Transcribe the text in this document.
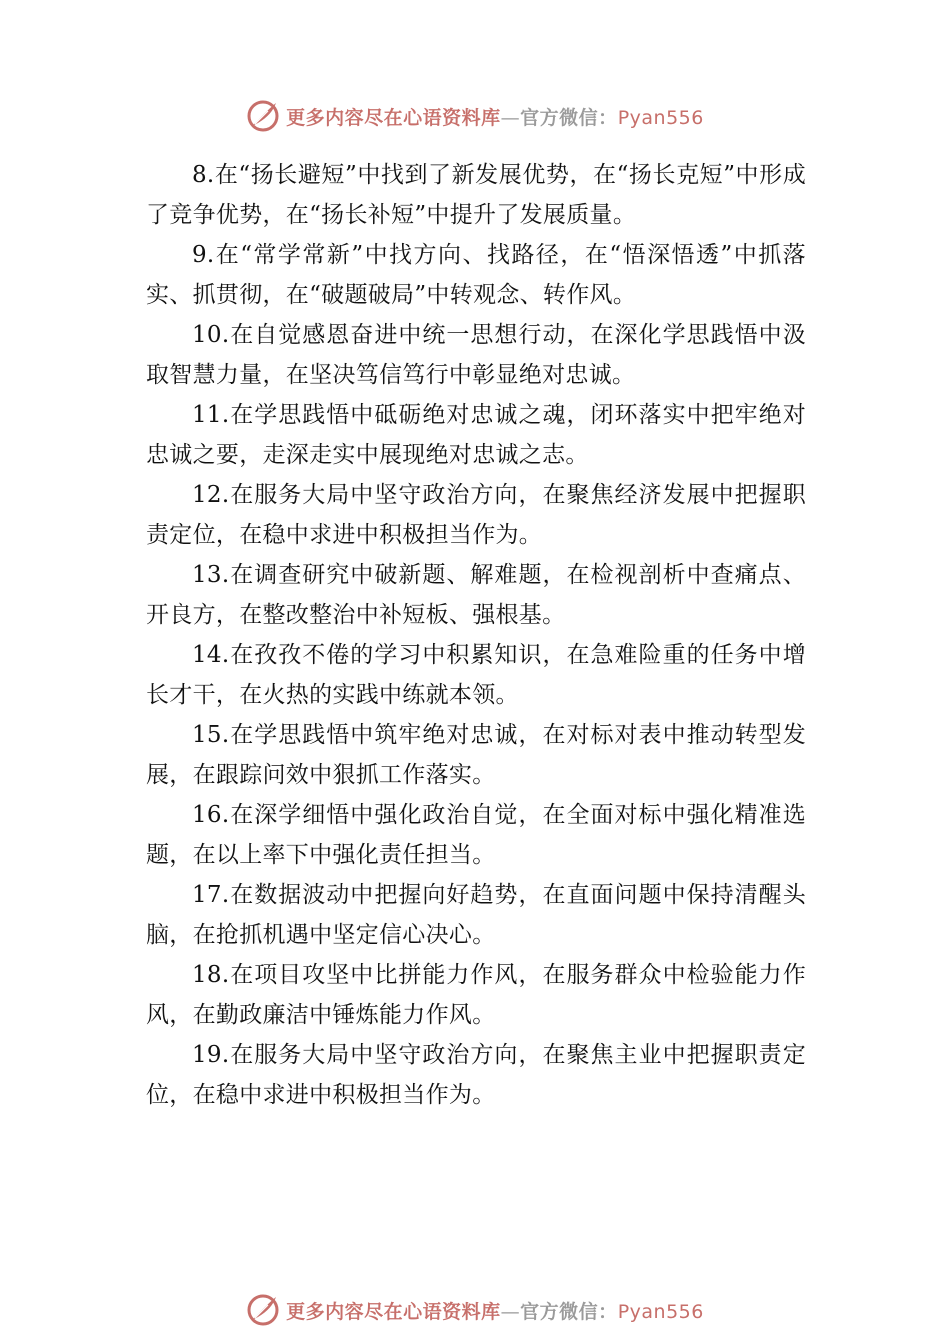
更多内容尽在心语资料库—官方微信：Pyan556

8.在“扬长避短”中找到了新发展优势，在“扬长克短”中形成了竞争优势，在“扬长补短”中提升了发展质量。

9.在“常学常新”中找方向、找路径，在“悟深悟透”中抓落实、抓贯彻，在“破题破局”中转观念、转作风。

10.在自觉感恩奋进中统一思想行动，在深化学思践悟中汲取智慧力量，在坚决笃信笃行中彰显绝对忠诚。

11.在学思践悟中砥砺绝对忠诚之魂，闭环落实中把牢绝对忠诚之要，走深走实中展现绝对忠诚之志。

12.在服务大局中坚守政治方向，在聚焦经济发展中把握职责定位，在稳中求进中积极担当作为。

13.在调查研究中破新题、解难题，在检视剖析中查痛点、开良方，在整改整治中补短板、强根基。

14.在孜孜不倦的学习中积累知识，在急难险重的任务中增长才干，在火热的实践中练就本领。

15.在学思践悟中筑牢绝对忠诚，在对标对表中推动转型发展，在跟踪问效中狠抓工作落实。

16.在深学细悟中强化政治自觉，在全面对标中强化精准选题，在以上率下中强化责任担当。

17.在数据波动中把握向好趋势，在直面问题中保持清醒头脑，在抢抓机遇中坚定信心决心。

18.在项目攻坚中比拼能力作风，在服务群众中检验能力作风，在勤政廉洁中锤炼能力作风。

19.在服务大局中坚守政治方向，在聚焦主业中把握职责定位，在稳中求进中积极担当作为。

更多内容尽在心语资料库—官方微信：Pyan556
